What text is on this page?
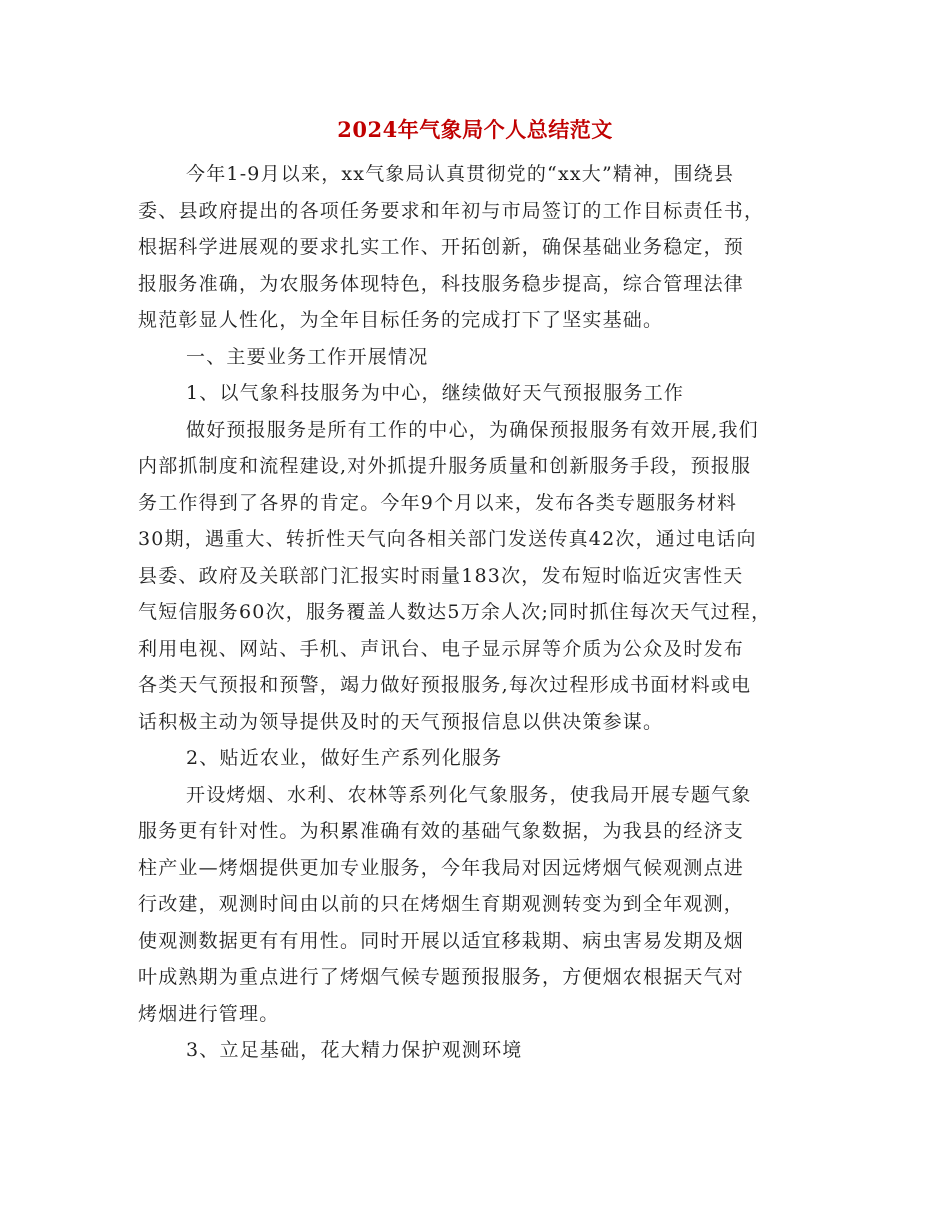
2024年气象局个人总结范文
今年1-9月以来，xx气象局认真贯彻党的“xx大”精神，围绕县
委、县政府提出的各项任务要求和年初与市局签订的工作目标责任书，
根据科学进展观的要求扎实工作、开拓创新，确保基础业务稳定，预
报服务准确，为农服务体现特色，科技服务稳步提高，综合管理法律
规范彰显人性化，为全年目标任务的完成打下了坚实基础。
一、主要业务工作开展情况
1、以气象科技服务为中心，继续做好天气预报服务工作
做好预报服务是所有工作的中心，为确保预报服务有效开展,我们
内部抓制度和流程建设,对外抓提升服务质量和创新服务手段，预报服
务工作得到了各界的肯定。今年9个月以来，发布各类专题服务材料
30期，遇重大、转折性天气向各相关部门发送传真42次，通过电话向
县委、政府及关联部门汇报实时雨量183次，发布短时临近灾害性天
气短信服务60次，服务覆盖人数达5万余人次;同时抓住每次天气过程，
利用电视、网站、手机、声讯台、电子显示屏等介质为公众及时发布
各类天气预报和预警，竭力做好预报服务,每次过程形成书面材料或电
话积极主动为领导提供及时的天气预报信息以供决策参谋。
2、贴近农业，做好生产系列化服务
开设烤烟、水利、农林等系列化气象服务，使我局开展专题气象
服务更有针对性。为积累准确有效的基础气象数据，为我县的经济支
柱产业—烤烟提供更加专业服务，今年我局对因远烤烟气候观测点进
行改建，观测时间由以前的只在烤烟生育期观测转变为到全年观测，
使观测数据更有有用性。同时开展以适宜移栽期、病虫害易发期及烟
叶成熟期为重点进行了烤烟气候专题预报服务，方便烟农根据天气对
烤烟进行管理。
3、立足基础，花大精力保护观测环境
